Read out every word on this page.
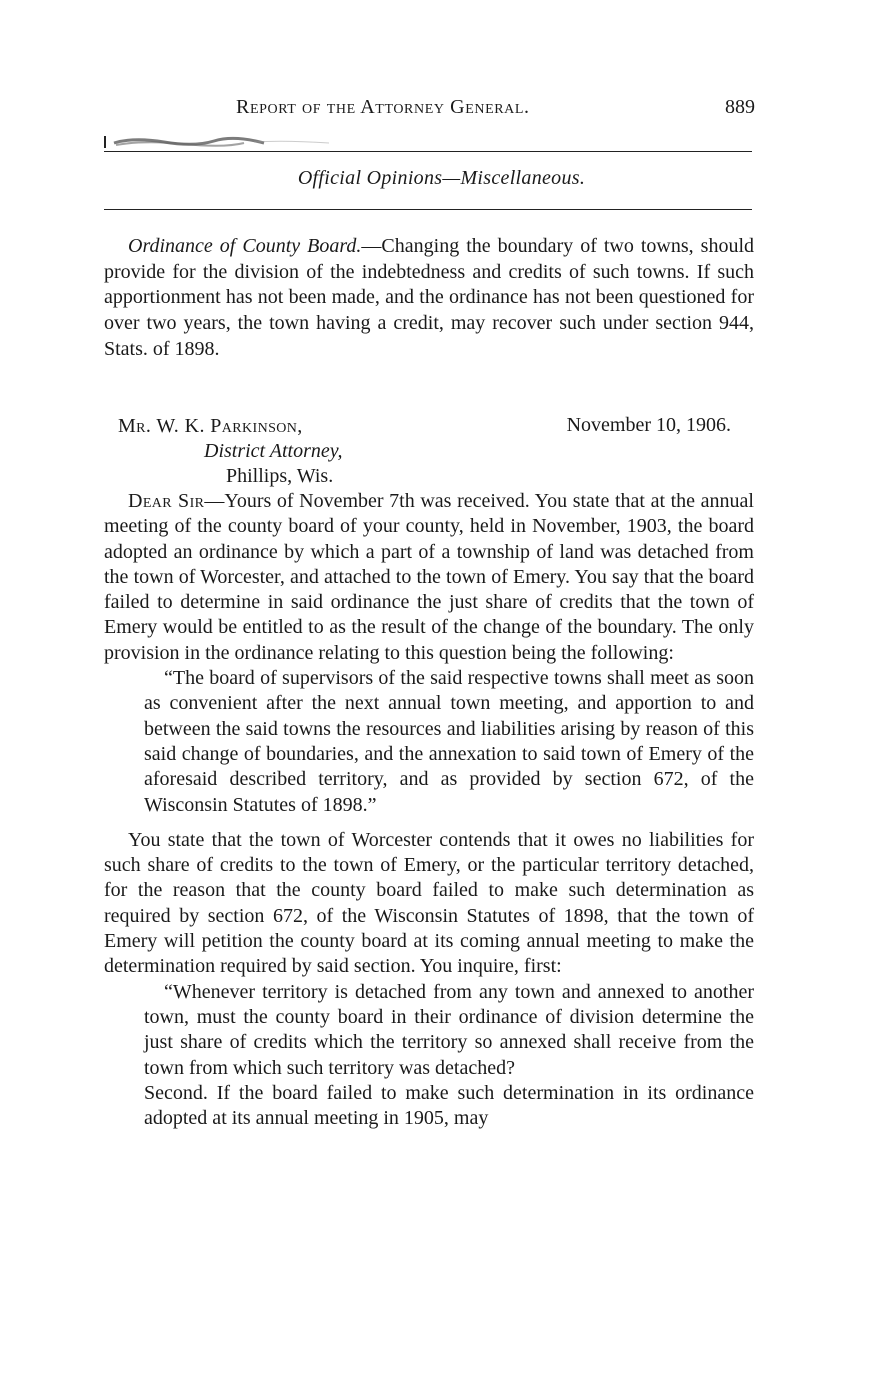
Report of the Attorney General.	889
Official Opinions—Miscellaneous.
Ordinance of County Board.—Changing the boundary of two towns, should provide for the division of the indebtedness and credits of such towns. If such apportionment has not been made, and the ordinance has not been questioned for over two years, the town having a credit, may recover such under section 944, Stats. of 1898.
Mr. W. K. Parkinson,
District Attorney,
Phillips, Wis.
November 10, 1906.

Dear Sir—Yours of November 7th was received. You state that at the annual meeting of the county board of your county, held in November, 1903, the board adopted an ordinance by which a part of a township of land was detached from the town of Worcester, and attached to the town of Emery. You say that the board failed to determine in said ordinance the just share of credits that the town of Emery would be entitled to as the result of the change of the boundary. The only provision in the ordinance relating to this question being the following:

“The board of supervisors of the said respective towns shall meet as soon as convenient after the next annual town meeting, and apportion to and between the said towns the resources and liabilities arising by reason of this said change of boundaries, and the annexation to said town of Emery of the aforesaid described territory, and as provided by section 672, of the Wisconsin Statutes of 1898.”

You state that the town of Worcester contends that it owes no liabilities for such share of credits to the town of Emery, or the particular territory detached, for the reason that the county board failed to make such determination as required by section 672, of the Wisconsin Statutes of 1898, that the town of Emery will petition the county board at its coming annual meeting to make the determination required by said section. You inquire, first:

“Whenever territory is detached from any town and annexed to another town, must the county board in their ordinance of division determine the just share of credits which the territory so annexed shall receive from the town from which such territory was detached?

Second. If the board failed to make such determination in its ordinance adopted at its annual meeting in 1905, may
